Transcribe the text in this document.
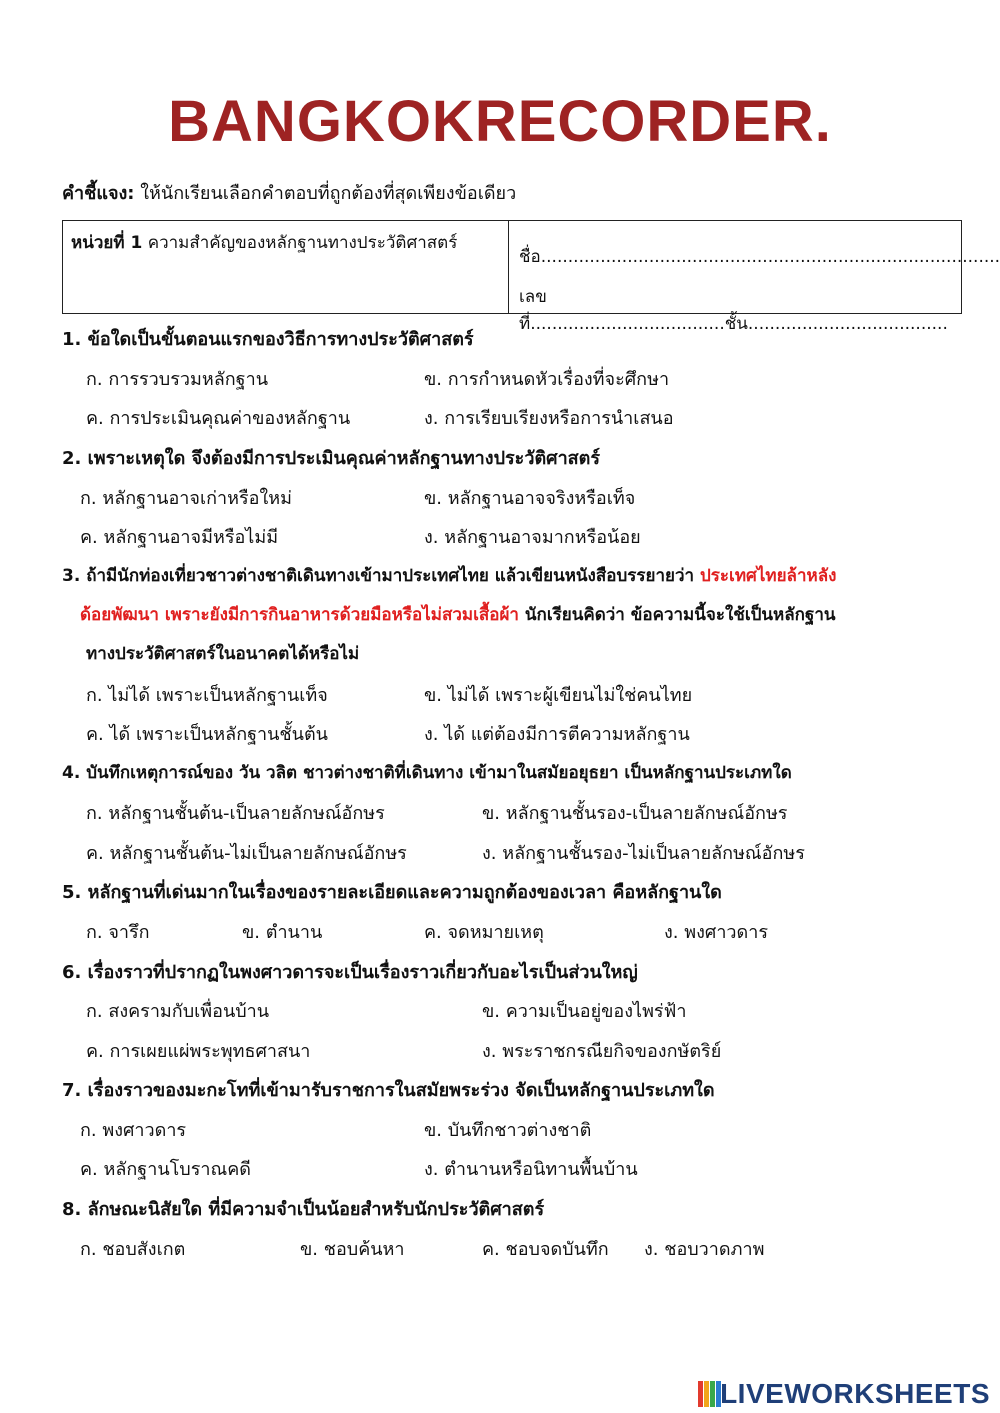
BANGKOKRECORDER.
คำชี้แจง: ให้นักเรียนเลือกคำตอบที่ถูกต้องที่สุดเพียงข้อเดียว
หน่วยที่ 1 ความสำคัญของหลักฐานทางประวัติศาสตร์
ชื่อ.....................................................................................
เลขที่....................................ชั้น.....................................
1. ข้อใดเป็นขั้นตอนแรกของวิธีการทางประวัติศาสตร์
ก. การรวบรวมหลักฐาน	ข. การกำหนดหัวเรื่องที่จะศึกษา
ค. การประเมินคุณค่าของหลักฐาน	ง. การเรียบเรียงหรือการนำเสนอ
2. เพราะเหตุใด จึงต้องมีการประเมินคุณค่าหลักฐานทางประวัติศาสตร์
ก. หลักฐานอาจเก่าหรือใหม่	ข. หลักฐานอาจจริงหรือเท็จ
ค. หลักฐานอาจมีหรือไม่มี	ง. หลักฐานอาจมากหรือน้อย
3. ถ้ามีนักท่องเที่ยวชาวต่างชาติเดินทางเข้ามาประเทศไทย แล้วเขียนหนังสือบรรยายว่า ประเทศไทยล้าหลัง
ด้อยพัฒนา เพราะยังมีการกินอาหารด้วยมือหรือไม่สวมเสื้อผ้า นักเรียนคิดว่า ข้อความนี้จะใช้เป็นหลักฐาน
ทางประวัติศาสตร์ในอนาคตได้หรือไม่
ก. ไม่ได้ เพราะเป็นหลักฐานเท็จ	ข. ไม่ได้ เพราะผู้เขียนไม่ใช่คนไทย
ค. ได้ เพราะเป็นหลักฐานชั้นต้น	ง. ได้ แต่ต้องมีการตีความหลักฐาน
4. บันทึกเหตุการณ์ของ วัน วลิต ชาวต่างชาติที่เดินทาง เข้ามาในสมัยอยุธยา เป็นหลักฐานประเภทใด
ก. หลักฐานชั้นต้น-เป็นลายลักษณ์อักษร	ข. หลักฐานชั้นรอง-เป็นลายลักษณ์อักษร
ค. หลักฐานชั้นต้น-ไม่เป็นลายลักษณ์อักษร	ง. หลักฐานชั้นรอง-ไม่เป็นลายลักษณ์อักษร
5. หลักฐานที่เด่นมากในเรื่องของรายละเอียดและความถูกต้องของเวลา คือหลักฐานใด
ก. จารึก	ข. ตำนาน	ค. จดหมายเหตุ	ง. พงศาวดาร
6. เรื่องราวที่ปรากฏในพงศาวดารจะเป็นเรื่องราวเกี่ยวกับอะไรเป็นส่วนใหญ่
ก. สงครามกับเพื่อนบ้าน	ข. ความเป็นอยู่ของไพร่ฟ้า
ค. การเผยแผ่พระพุทธศาสนา	ง. พระราชกรณียกิจของกษัตริย์
7. เรื่องราวของมะกะโทที่เข้ามารับราชการในสมัยพระร่วง จัดเป็นหลักฐานประเภทใด
ก. พงศาวดาร	ข. บันทึกชาวต่างชาติ
ค. หลักฐานโบราณคดี	ง. ตำนานหรือนิทานพื้นบ้าน
8. ลักษณะนิสัยใด ที่มีความจำเป็นน้อยสำหรับนักประวัติศาสตร์
ก. ชอบสังเกต	ข. ชอบค้นหา	ค. ชอบจดบันทึก ง. ชอบวาดภาพ
LIVEWORKSHEETS
